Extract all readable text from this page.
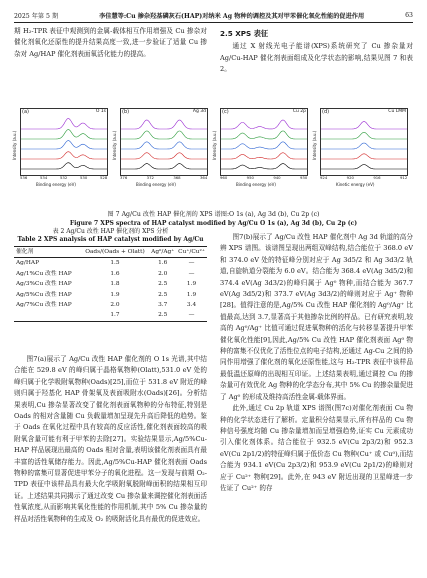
2025 年第 5 期	李佳慧等:Cu 掺杂羟基磷灰石(HAP)对纳米 Ag 物种的调控及其对甲苯催化氧化性能的促进作用	63

期 H₂-TPR 表征中观测到的金属-载体相互作用增强及 Cu 掺杂对催化剂氧化还原性的提升结果高度一致,进一步验证了适量 Cu 掺杂对 Ag/HAP 催化剂表面氧活化能力的提高。

2.5 XPS 表征

通过 X 射线光电子能谱(XPS)系统研究了 Cu 掺杂量对 Ag/Cu-HAP 催化剂表面组成及化学状态的影响,结果见图 7 和表 2。

(a)	O 1s
Intensity (a.u.)
536	534	532	530	528
Binding energy (eV)
(b)	Ag 3d
Intensity (a.u.)
376	372	368	364
Binding energy (eV)
(c)	Cu 2p
Intensity (a.u.)
960	950	940	930
Binding energy (eV)
(d)	Cu LMM
Intensity (a.u.)
924	920	916	912
Kinetic energy (eV)
图 7 Ag/Cu 改性 HAP 催化剂的 XPS 谱图:O 1s (a), Ag 3d (b), Cu 2p (c)
Figure 7 XPS spectra of HAP catalyst modified by Ag/Cu O 1s (a), Ag 3d (b), Cu 2p (c)
表 2 Ag/Cu 改性 HAP 催化剂的 XPS 分析
Table 2 XPS analysis of HAP catalyst modified by Ag/Cu
催化剂	Oads/(Oads + Olatt)	Ag⁰/Ag⁺	Cu⁺/Cu²⁺
Ag/HAP	1.5	1.6	—
Ag/1%Cu 改性 HAP	1.6	2.0	—
Ag/3%Cu 改性 HAP	1.8	2.5	1.9
Ag/5%Cu 改性 HAP	1.9	2.5	1.9
Ag/7%Cu 改性 HAP	2.0	3.7	3.4
	1.7	2.5	—

图7(a)展示了 Ag/Cu 改性 HAP 催化剂的 O 1s 光谱,其中结合能在 529.8 eV 的峰归属于晶格氧物种(Olatt),531.0 eV 处的峰归属于化学吸附氧物种(Oads)[25],而位于 531.8 eV 附近的峰则归属于羟基化 HAP 骨架氧及表面吸附水(Oads)[26]。分析结果表明,Cu 掺杂显著改变了催化剂表面氧物种的分布特征,特别是 Oads 的相对含量随 Cu 负载量增加呈现先升高后降低的趋势。鉴于 Oads 在氧化过程中具有较高的反应活性,催化剂表面较高的吸附氧含量可能有利于甲苯的去除[27]。实验结果显示,Ag/5%Cu-HAP 样品展现出最高的 Oads 相对含量,表明该催化剂表面具有最丰富的活性氧储存能力。因此,Ag/5%Cu-HAP 催化剂表面 Oads 物种的富集可显著促进甲苯分子的氧化进程。这一发现与前期 O₂-TPD 表征中该样品具有最大化学吸附氧脱附峰面积的结果相互印证。上述结果共同揭示了通过改变 Cu 掺杂量来调控催化剂表面活性氧浓度,从而影响其氧化性能的作用机制,其中 5% Cu 掺杂量的样品对活性氧物种的生成及 O₂ 的吸附活化具有最优的促进效应。

图7(b)展示了 Ag/Cu 改性 HAP 催化剂中 Ag 3d 轨道的高分辨 XPS 谱图。该谱图呈现出两组双峰结构,结合能位于 368.0 eV 和 374.0 eV 处的特征峰分别对应于 Ag 3d5/2 和 Ag 3d3/2 轨道,自旋轨道分裂能为 6.0 eV。结合能为 368.4 eV(Ag 3d5/2)和 374.4 eV(Ag 3d3/2)的峰归属于 Ag⁰ 物种,而结合能为 367.7 eV(Ag 3d5/2)和 373.7 eV(Ag 3d3/2)的峰则对应于 Ag⁺ 物种[28]。值得注意的是,Ag/5% Cu 改性 HAP 催化剂的 Ag⁰/Ag⁺ 比值最高,达到 3.7,显著高于其他掺杂比例的样品。已有研究表明,较高的 Ag⁰/Ag⁺ 比值可通过促进氧物种的活化与转移显著提升甲苯催化氧化性能[9],因此,Ag/5% Cu 改性 HAP 催化剂表面 Ag⁰ 物种的富集不仅优化了活性位点的电子结构,还通过 Ag-Cu 之间的协同作用增强了催化剂的氧化还原性能,这与 H₂-TPR 表征中该样品最低温还原峰的出现相互印证。上述结果表明,通过调控 Cu 的掺杂量可有效优化 Ag 物种的化学态分布,其中 5% Cu 的掺杂量促进了 Ag⁰ 的形成及维持高活性金属-载体界面。

此外,通过 Cu 2p 轨道 XPS 谱图(图7c)对催化剂表面 Cu 物种的化学状态进行了解析。定量积分结果显示,所有样品的 Cu 物种信号强度均随 Cu 掺杂量增加而呈增强趋势,证实 Cu 元素成功引入催化剂体系。结合能位于 932.5 eV(Cu 2p3/2)和 952.3 eV(Cu 2p1/2)的特征峰归属于低价态 Cu 物种(Cu⁺ 或 Cu⁰),而结合能为 934.1 eV(Cu 2p3/2)和 953.9 eV(Cu 2p1/2)的峰则对应于 Cu²⁺ 物种[29]。此外,在 943 eV 附近出现的卫星峰进一步佐证了 Cu²⁺ 的存
